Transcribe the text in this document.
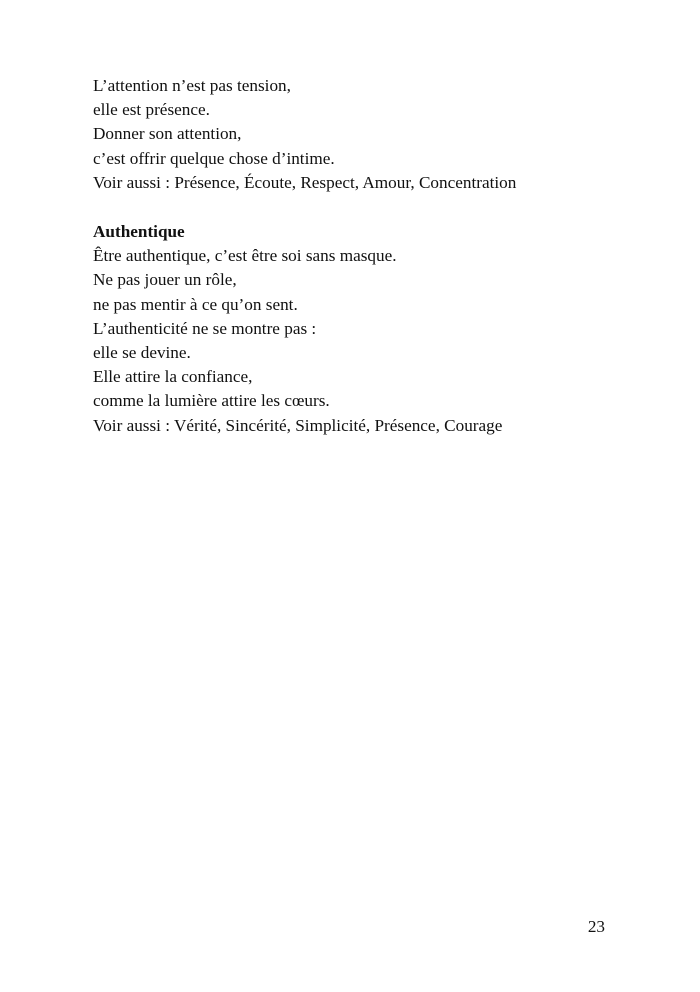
L’attention n’est pas tension,

elle est présence.

Donner son attention,

c’est offrir quelque chose d’intime.

Voir aussi : Présence, Écoute, Respect, Amour, Concentration

Authentique

Être authentique, c’est être soi sans masque.

Ne pas jouer un rôle,

ne pas mentir à ce qu’on sent.

L’authenticité ne se montre pas :

elle se devine.

Elle attire la confiance,

comme la lumière attire les cœurs.

Voir aussi : Vérité, Sincérité, Simplicité, Présence, Courage

23
